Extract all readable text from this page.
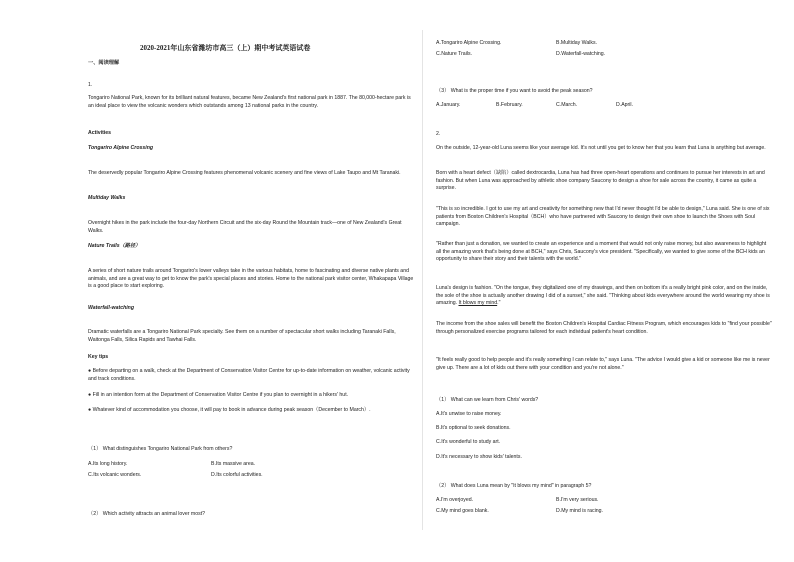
2020-2021年山东省潍坊市高三（上）期中考试英语试卷
一、阅读理解
1.
Tongariro National Park, known for its brilliant natural features, became New Zealand's first national park in 1887. The 80,000-hectare park is an ideal place to view the volcanic wonders which outstands among 13 national parks in the country.
Activities
Tongariro Alpine Crossing
The deservedly popular Tongariro Alpine Crossing features phenomenal volcanic scenery and fine views of Lake Taupo and Mt Taranaki.
Multiday Walks
Overnight hikes in the park include the four-day Northern Circuit and the six-day Round the Mountain track—one of New Zealand's Great Walks.
Nature Trails（路径）
A series of short nature trails around Tongariro's lower valleys take in the various habitats, home to fascinating and diverse native plants and animals, and are a great way to get to know the park's special places and stories. Home to the national park visitor center, Whakapapa Village is a good place to start exploring.
Waterfall-watching
Dramatic waterfalls are a Tongariro National Park specialty. See them on a number of spectacular short walks including Taranaki Falls, Waitonga Falls, Silica Rapids and Tawhai Falls.
Key tips
● Before departing on a walk, check at the Department of Conservation Visitor Centre for up-to-date information on weather, volcanic activity and track conditions.
● Fill in an intention form at the Department of Conservation Visitor Centre if you plan to overnight in a hikers' hut.
● Whatever kind of accommodation you choose, it will pay to book in advance during peak season（December to March）.
（1） What distinguishes Tongariro National Park from others?
A.Its long history.	B.Its massive area.
C.Its volcanic wonders.	D.Its colorful activities.
（2） Which activity attracts an animal lover most?
A.Tongariro Alpine Crossing.	B.Multiday Walks.
C.Nature Trails.	D.Waterfall-watching.
（3） What is the proper time if you want to avoid the peak season?
A.January.	B.February.	C.March.	D.April.
2.
On the outside, 12-year-old Luna seems like your average kid. It's not until you get to know her that you learn that Luna is anything but average.
Born with a heart defect（缺陷）called dextrocardia, Luna has had three open-heart operations and continues to pursue her interests in art and fashion. But when Luna was approached by athletic shoe company Saucony to design a shoe for sale across the country, it came as quite a surprise.
"This is so incredible. I got to use my art and creativity for something new that I'd never thought I'd be able to design," Luna said. She is one of six patients from Boston Children's Hospital（BCH）who have partnered with Saucony to design their own shoe to launch the Shoes with Soul campaign.
"Rather than just a donation, we wanted to create an experience and a moment that would not only raise money, but also awareness to highlight all the amazing work that's being done at BCH," says Chris, Saucony's vice president. "Specifically, we wanted to give some of the BCH kids an opportunity to share their story and their talents with the world."
Luna's design is fashion. "On the tongue, they digitalized one of my drawings, and then on bottom it's a really bright pink color, and on the inside, the sole of the shoe is actually another drawing I did of a sunset," she said. "Thinking about kids everywhere around the world wearing my shoe is amazing. It blows my mind."
The income from the shoe sales will benefit the Boston Children's Hospital Cardiac Fitness Program, which encourages kids to "find your possible" through personalized exercise programs tailored for each individual patient's heart condition.
"It feels really good to help people and it's really something I can relate to," says Luna. "The advice I would give a kid or someone like me is never give up. There are a lot of kids out there with your condition and you're not alone."
（1） What can we learn from Chris' words?
A.It's unwise to raise money.
B.It's optional to seek donations.
C.It's wonderful to study art.
D.It's necessary to show kids' talents.
（2） What does Luna mean by "It blows my mind" in paragraph 5?
A.I'm overjoyed.	B.I'm very serious.
C.My mind goes blank.	D.My mind is racing.
